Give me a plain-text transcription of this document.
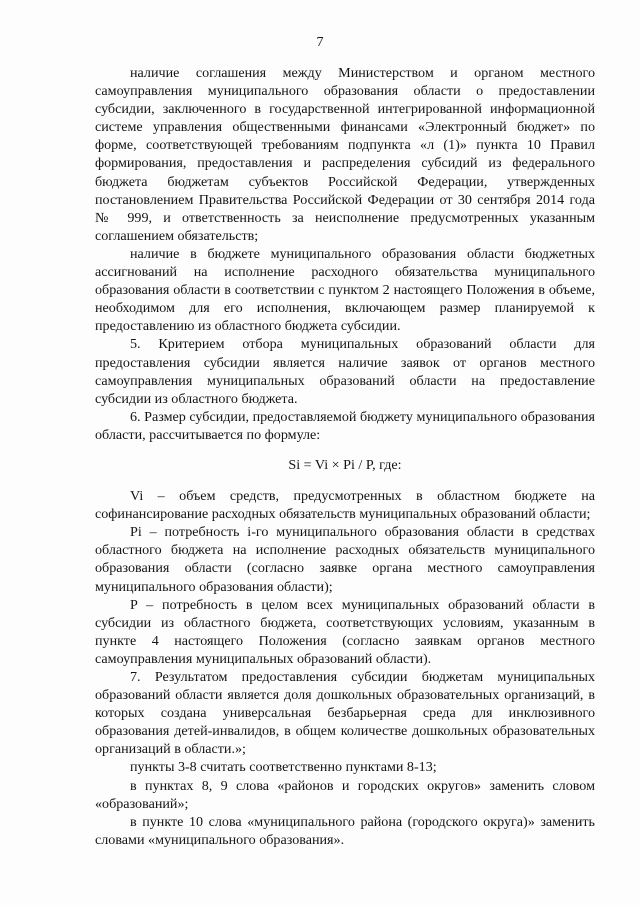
7

наличие соглашения между Министерством и органом местного самоуправления муниципального образования области о предоставлении субсидии, заключенного в государственной интегрированной информационной системе управления общественными финансами «Электронный бюджет» по форме, соответствующей требованиям подпункта «л (1)» пункта 10 Правил формирования, предоставления и распределения субсидий из федерального бюджета бюджетам субъектов Российской Федерации, утвержденных постановлением Правительства Российской Федерации от 30 сентября 2014 года № 999, и ответственность за неисполнение предусмотренных указанным соглашением обязательств;

наличие в бюджете муниципального образования области бюджетных ассигнований на исполнение расходного обязательства муниципального образования области в соответствии с пунктом 2 настоящего Положения в объеме, необходимом для его исполнения, включающем размер планируемой к предоставлению из областного бюджета субсидии.

5. Критерием отбора муниципальных образований области для предоставления субсидии является наличие заявок от органов местного самоуправления муниципальных образований области на предоставление субсидии из областного бюджета.

6. Размер субсидии, предоставляемой бюджету муниципального образования области, рассчитывается по формуле:

Si = Vi × Pi / P, где:

Vi – объем средств, предусмотренных в областном бюджете на софинансирование расходных обязательств муниципальных образований области;

Pi – потребность i-го муниципального образования области в средствах областного бюджета на исполнение расходных обязательств муниципального образования области (согласно заявке органа местного самоуправления муниципального образования области);

P – потребность в целом всех муниципальных образований области в субсидии из областного бюджета, соответствующих условиям, указанным в пункте 4 настоящего Положения (согласно заявкам органов местного самоуправления муниципальных образований области).

7. Результатом предоставления субсидии бюджетам муниципальных образований области является доля дошкольных образовательных организаций, в которых создана универсальная безбарьерная среда для инклюзивного образования детей-инвалидов, в общем количестве дошкольных образовательных организаций в области.»;

пункты 3-8 считать соответственно пунктами 8-13;

в пунктах 8, 9 слова «районов и городских округов» заменить словом «образований»;

в пункте 10 слова «муниципального района (городского округа)» заменить словами «муниципального образования».
